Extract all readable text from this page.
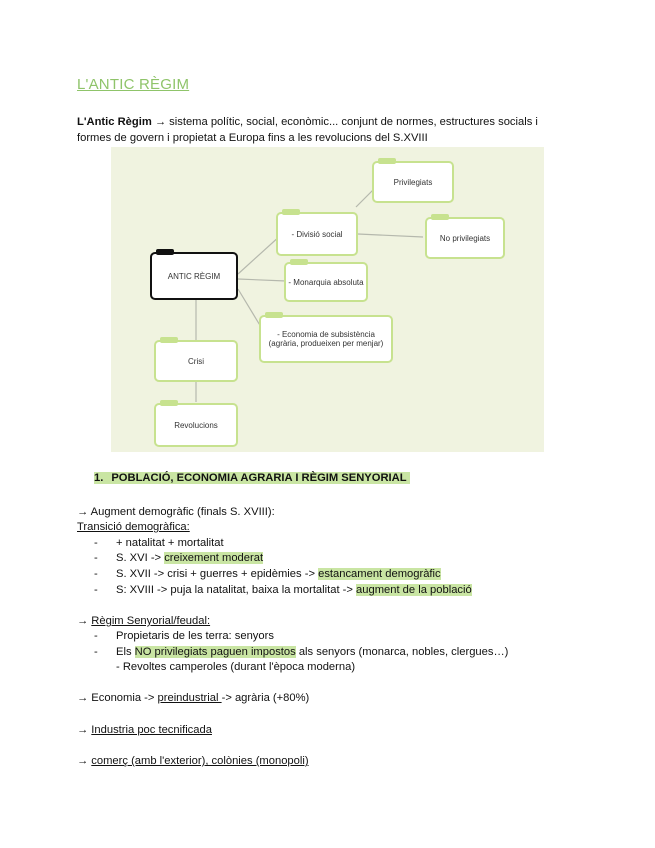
L'ANTIC RÈGIM
L'Antic Règim → sistema polític, social, econòmic... conjunt de normes, estructures socials i
formes de govern i propietat a Europa fins a les revolucions del S.XVIII
ANTIC RÈGIM
- Divisió social
Privilegiats
No privilegiats
- Monarquia absoluta
- Economia de subsistència
(agrària, produeixen per menjar)
Crisi
Revolucions
1. POBLACIÓ, ECONOMIA AGRARIA I RÈGIM SENYORIAL
→ Augment demogràfic (finals S. XVIII):
Transició demogràfica:
- + natalitat + mortalitat
- S. XVI -> creixement moderat
- S. XVII -> crisi + guerres + epidèmies -> estancament demogràfic
- S: XVIII -> puja la natalitat, baixa la mortalitat -> augment de la població
→ Règim Senyorial/feudal:
- Propietaris de les terra: senyors
- Els NO privilegiats paguen impostos als senyors (monarca, nobles, clergues…)
- Revoltes camperoles (durant l'època moderna)
→ Economia -> preindustrial -> agrària (+80%)
→ Industria poc tecnificada
→ comerç (amb l'exterior), colònies (monopoli)
